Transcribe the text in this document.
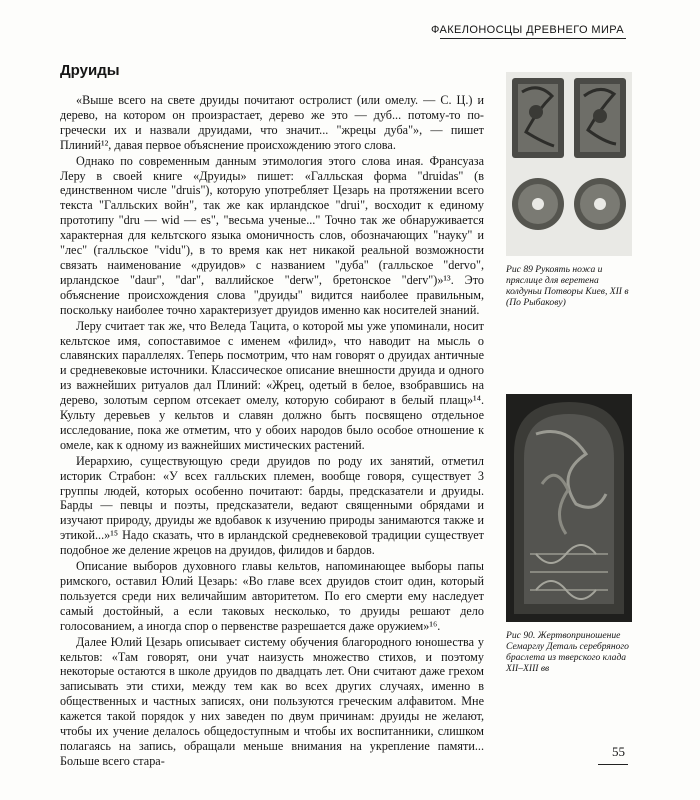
ФАКЕЛОНОСЦЫ ДРЕВНЕГО МИРА
Друиды

«Выше всего на свете друиды почитают остролист (или омелу. — С. Ц.) и дерево, на котором он произрастает, дерево же это — дуб... потому-то по-гречески их и назвали друидами, что значит... "жрецы дуба"», — пишет Плиний¹², давая первое объяснение происхождению этого слова.

Однако по современным данным этимология этого слова иная. Франсуаза Леру в своей книге «Друиды» пишет: «Галльская форма "druidas" (в единственном числе "druis"), которую употребляет Цезарь на протяжении всего текста "Галльских войн", так же как ирландское "drui", восходит к единому прототипу "dru — wid — es", "весьма ученые..." Точно так же обнаруживается характерная для кельтского языка омоничность слов, обозначающих "науку" и "лес" (галльское "vidu"), в то время как нет никакой реальной возможности связать наименование «друидов» с названием "дуба" (галльское "dervo", ирландское "daur", "dar", валлийское "derw", бретонское "derv")»¹³. Это объяснение происхождения слова "друиды" видится наиболее правильным, поскольку наиболее точно характеризует друидов именно как носителей знаний.

Леру считает так же, что Веледа Тацита, о которой мы уже упоминали, носит кельтское имя, сопоставимое с именем «филид», что наводит на мысль о славянских параллелях. Теперь посмотрим, что нам говорят о друидах античные и средневековые источники. Классическое описание внешности друида и одного из важнейших ритуалов дал Плиний: «Жрец, одетый в белое, взобравшись на дерево, золотым серпом отсекает омелу, которую собирают в белый плащ»¹⁴. Культу деревьев у кельтов и славян должно быть посвящено отдельное исследование, пока же отметим, что у обоих народов было особое отношение к омеле, как к одному из важнейших мистических растений.

Иерархию, существующую среди друидов по роду их занятий, отметил историк Страбон: «У всех галльских племен, вообще говоря, существует 3 группы людей, которых особенно почитают: барды, предсказатели и друиды. Барды — певцы и поэты, предсказатели, ведают священными обрядами и изучают природу, друиды же вдобавок к изучению природы занимаются также и этикой...»¹⁵ Надо сказать, что в ирландской средневековой традиции существует подобное же деление жрецов на друидов, филидов и бардов.

Описание выборов духовного главы кельтов, напоминающее выборы папы римского, оставил Юлий Цезарь: «Во главе всех друидов стоит один, который пользуется среди них величайшим авторитетом. По его смерти ему наследует самый достойный, а если таковых несколько, то друиды решают дело голосованием, а иногда спор о первенстве разрешается даже оружием»¹⁶.

Далее Юлий Цезарь описывает систему обучения благородного юношества у кельтов: «Там говорят, они учат наизусть множество стихов, и поэтому некоторые остаются в школе друидов по двадцать лет. Они считают даже грехом записывать эти стихи, между тем как во всех других случаях, именно в общественных и частных записях, они пользуются греческим алфавитом. Мне кажется такой порядок у них заведен по двум причинам: друиды не желают, чтобы их учение делалось общедоступным и чтобы их воспитанники, слишком полагаясь на запись, обращали меньше внимания на укрепление памяти... Больше всего стара-

Рис 89 Рукоять ножа и пряслице для веретена колдуньи Потворы Киев, XII в (По Рыбакову)
Рис 90. Жертвоприношение Семарглу Деталь серебряного браслета из тверского клада XII–XIII вв
55
